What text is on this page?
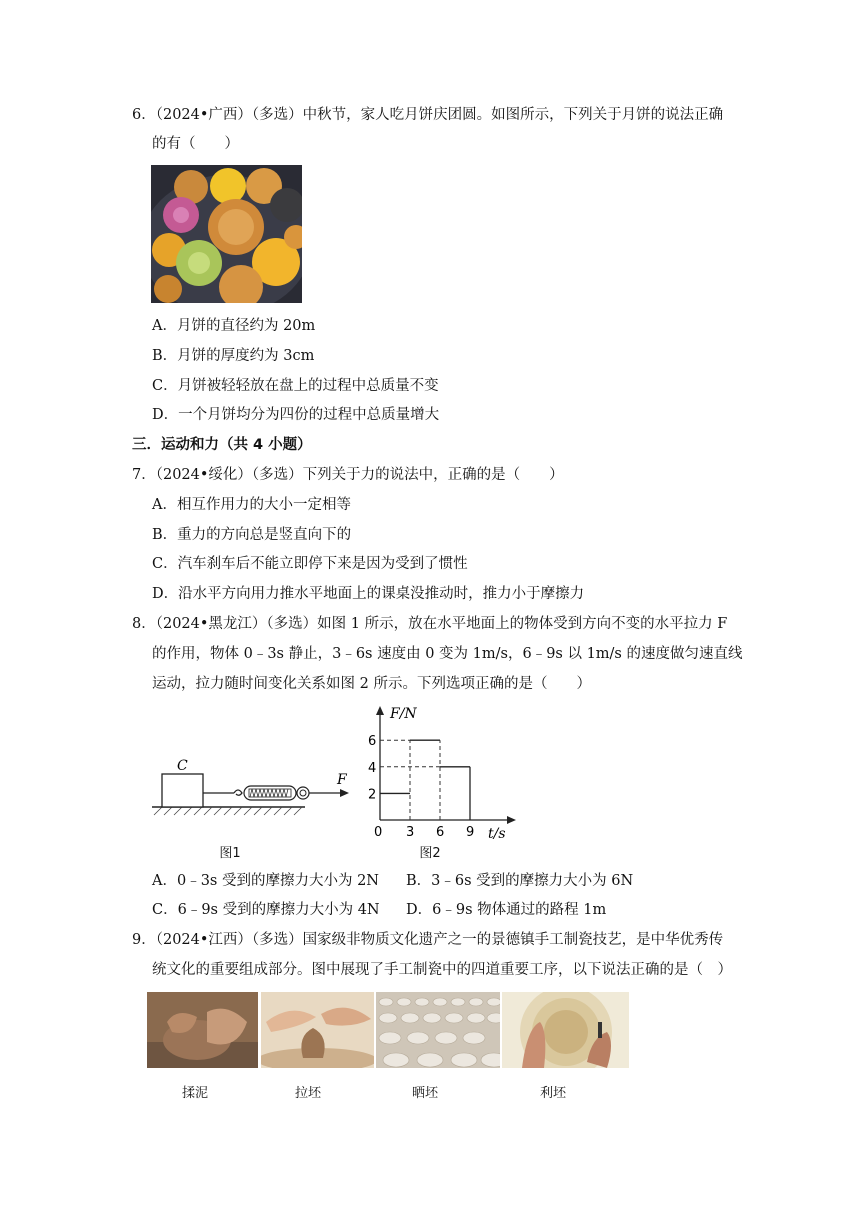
6．（2024•广西）（多选）中秋节，家人吃月饼庆团圆。如图所示，下列关于月饼的说法正确
的有（　　）
A．月饼的直径约为 20m
B．月饼的厚度约为 3cm
C．月饼被轻轻放在盘上的过程中总质量不变
D．一个月饼均分为四份的过程中总质量增大
三．运动和力（共 4 小题）
7．（2024•绥化）（多选）下列关于力的说法中，正确的是（　　）
A．相互作用力的大小一定相等
B．重力的方向总是竖直向下的
C．汽车刹车后不能立即停下来是因为受到了惯性
D．沿水平方向用力推水平地面上的课桌没推动时，推力小于摩擦力
8．（2024•黑龙江）（多选）如图 1 所示，放在水平地面上的物体受到方向不变的水平拉力 F
的作用，物体 0﹣3s 静止，3﹣6s 速度由 0 变为 1m/s，6﹣9s 以 1m/s 的速度做匀速直线
运动，拉力随时间变化关系如图 2 所示。下列选项正确的是（　　）
C
F
图1
2
4
6
0 3 6 9
F/N
t/s
图2
A．0﹣3s 受到的摩擦力大小为 2N B．3﹣6s 受到的摩擦力大小为 6N
C．6﹣9s 受到的摩擦力大小为 4N D．6﹣9s 物体通过的路程 1m
9．（2024•江西）（多选）国家级非物质文化遗产之一的景德镇手工制瓷技艺，是中华优秀传
统文化的重要组成部分。图中展现了手工制瓷中的四道重要工序，以下说法正确的是（　）
揉泥	拉坯	晒坯	利坯
